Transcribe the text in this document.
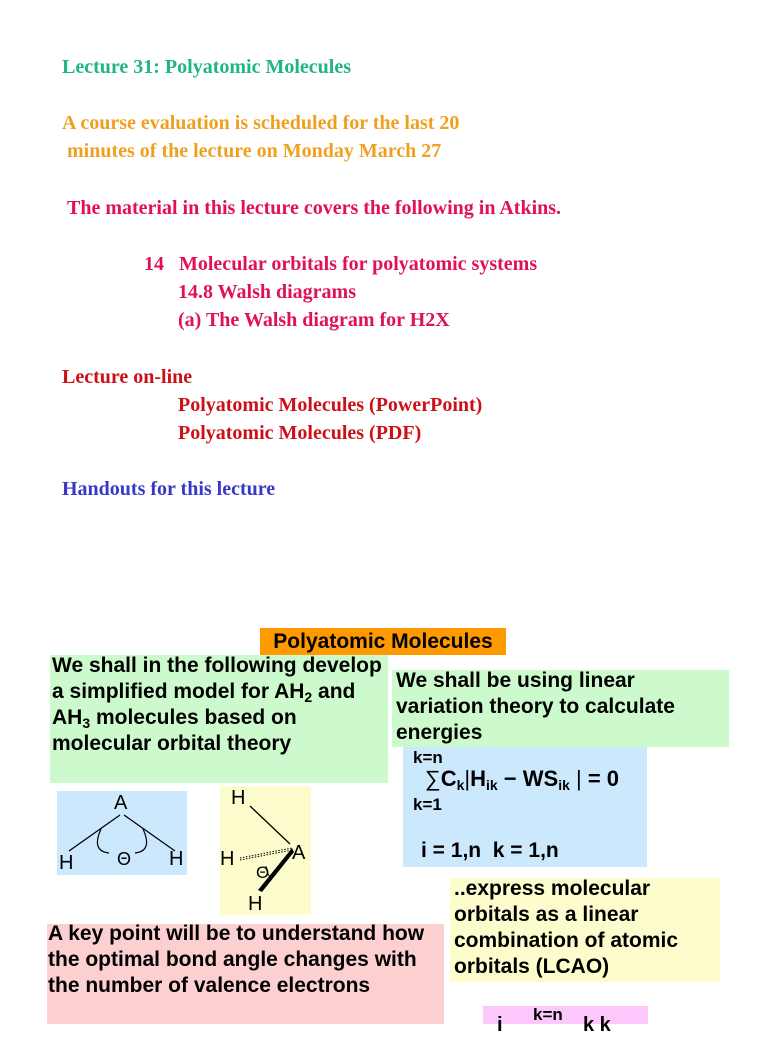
Lecture 31: Polyatomic Molecules
A course evaluation is scheduled for the last 20
minutes of the lecture on Monday March 27
The material in this lecture covers the following in Atkins.
14   Molecular orbitals for polyatomic systems
14.8 Walsh diagrams
(a) The Walsh diagram for H2X
Lecture on-line
Polyatomic Molecules (PowerPoint)
Polyatomic Molecules (PDF)
Handouts for this lecture
Polyatomic Molecules
We shall in the following develop a simplified model for $AH_2$ and $AH_3$ molecules based on molecular orbital theory
We shall be using linear variation theory to calculate energies
k=n
$\sum C_k|H_{ik} - WS_{ik}$ | = 0
k=1
i = 1,n  k = 1,n
A
H	H
Θ
H
H	A
Θ
H
..express molecular orbitals as a linear combination of atomic orbitals (LCAO)
A key point will be to understand how the optimal bond angle changes with the number of valence electrons
i k=n k k
